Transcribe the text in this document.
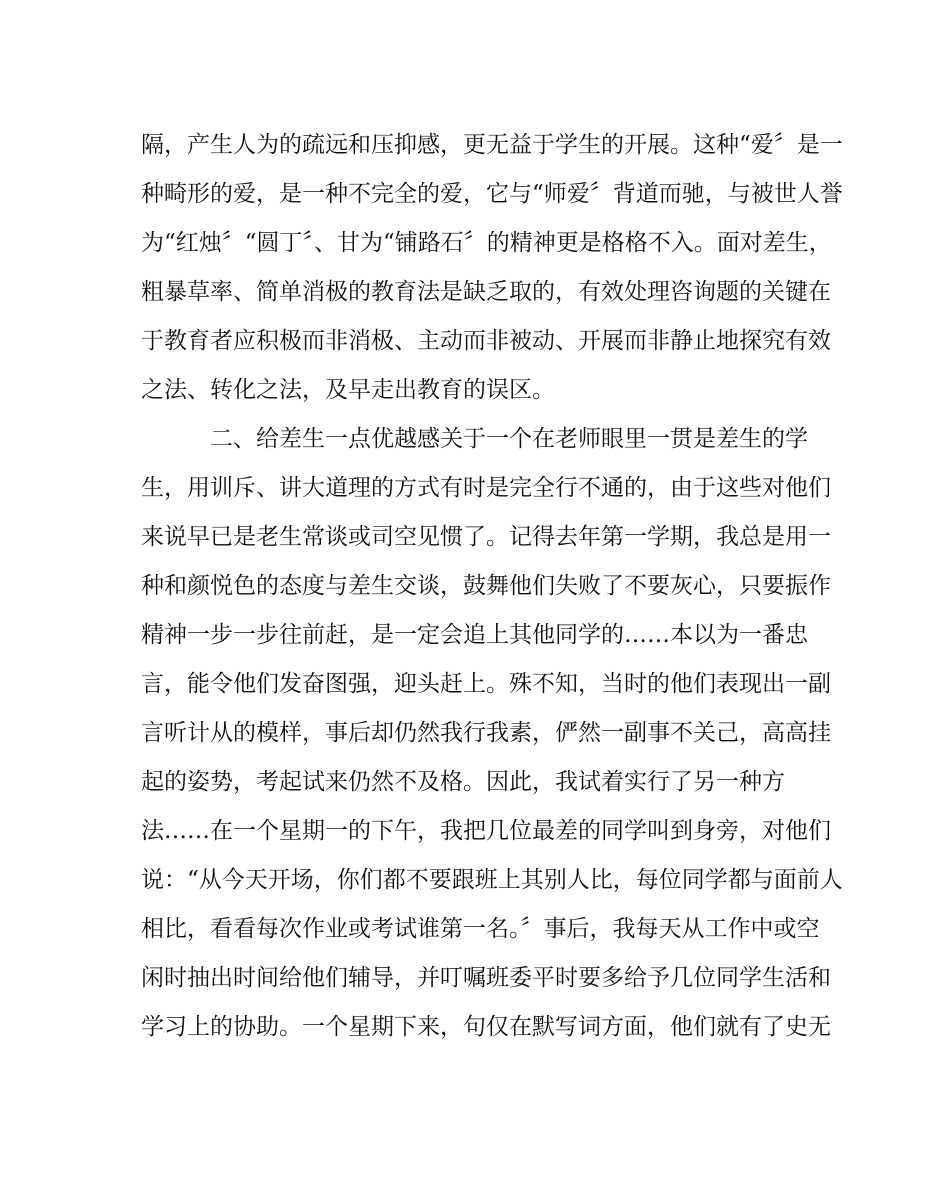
隔，产生人为的疏远和压抑感，更无益于学生的开展。这种“爱〞是一
种畸形的爱，是一种不完全的爱，它与“师爱〞背道而驰，与被世人誉
为“红烛〞“圆丁〞、甘为“铺路石〞的精神更是格格不入。面对差生，
粗暴草率、简单消极的教育法是缺乏取的，有效处理咨询题的关键在
于教育者应积极而非消极、主动而非被动、开展而非静止地探究有效
之法、转化之法，及早走出教育的误区。
二、给差生一点优越感关于一个在老师眼里一贯是差生的学
生，用训斥、讲大道理的方式有时是完全行不通的，由于这些对他们
来说早已是老生常谈或司空见惯了。记得去年第一学期，我总是用一
种和颜悦色的态度与差生交谈，鼓舞他们失败了不要灰心，只要振作
精神一步一步往前赶，是一定会追上其他同学的……本以为一番忠
言，能令他们发奋图强，迎头赶上。殊不知，当时的他们表现出一副
言听计从的模样，事后却仍然我行我素，俨然一副事不关己，高高挂
起的姿势，考起试来仍然不及格。因此，我试着实行了另一种方
法……在一个星期一的下午，我把几位最差的同学叫到身旁，对他们
说：“从今天开场，你们都不要跟班上其别人比，每位同学都与面前人
相比，看看每次作业或考试谁第一名。〞事后，我每天从工作中或空
闲时抽出时间给他们辅导，并叮嘱班委平时要多给予几位同学生活和
学习上的协助。一个星期下来，句仅在默写词方面，他们就有了史无
